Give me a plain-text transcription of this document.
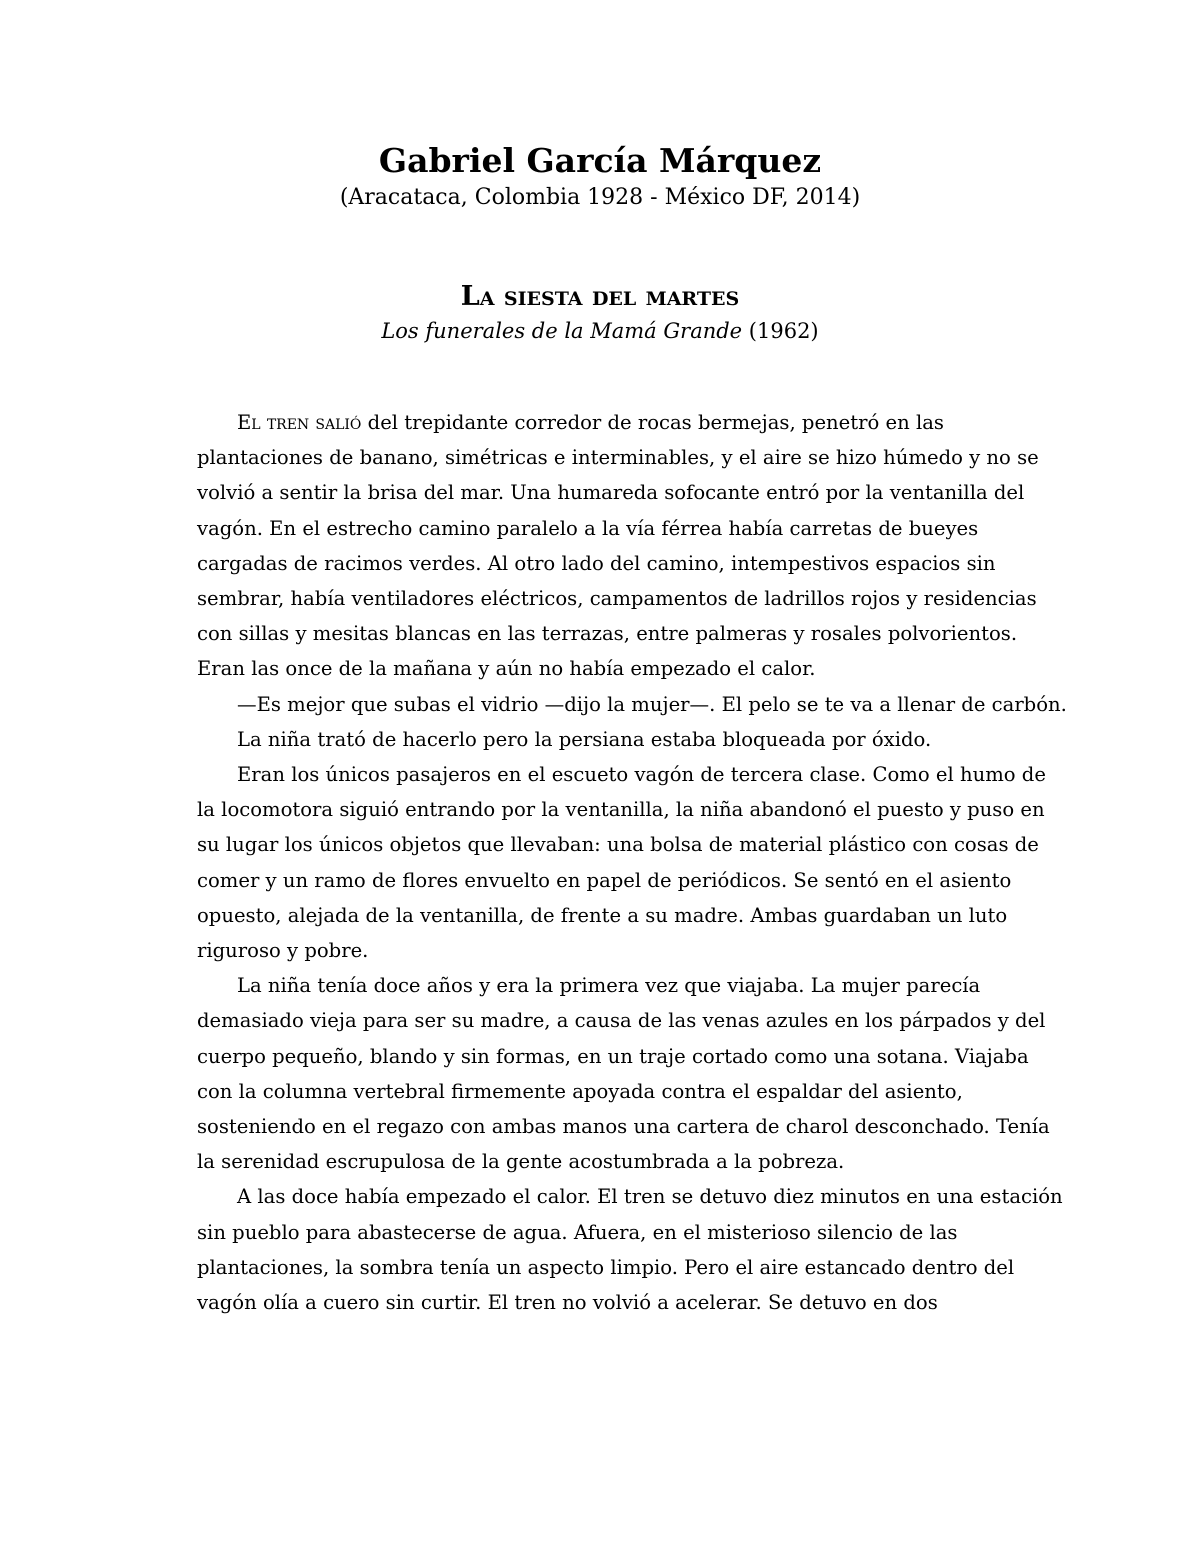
Gabriel García Márquez
(Aracataca, Colombia 1928 - México DF, 2014)
La siesta del martes
Los funerales de la Mamá Grande (1962)

El tren salió del trepidante corredor de rocas bermejas, penetró en las plantaciones de banano, simétricas e interminables, y el aire se hizo húmedo y no se volvió a sentir la brisa del mar. Una humareda sofocante entró por la ventanilla del vagón. En el estrecho camino paralelo a la vía férrea había carretas de bueyes cargadas de racimos verdes. Al otro lado del camino, intempestivos espacios sin sembrar, había ventiladores eléctricos, campamentos de ladrillos rojos y residencias con sillas y mesitas blancas en las terrazas, entre palmeras y rosales polvorientos. Eran las once de la mañana y aún no había empezado el calor.

—Es mejor que subas el vidrio —dijo la mujer—. El pelo se te va a llenar de carbón.

La niña trató de hacerlo pero la persiana estaba bloqueada por óxido.

Eran los únicos pasajeros en el escueto vagón de tercera clase. Como el humo de la locomotora siguió entrando por la ventanilla, la niña abandonó el puesto y puso en su lugar los únicos objetos que llevaban: una bolsa de material plástico con cosas de comer y un ramo de flores envuelto en papel de periódicos. Se sentó en el asiento opuesto, alejada de la ventanilla, de frente a su madre. Ambas guardaban un luto riguroso y pobre.

La niña tenía doce años y era la primera vez que viajaba. La mujer parecía demasiado vieja para ser su madre, a causa de las venas azules en los párpados y del cuerpo pequeño, blando y sin formas, en un traje cortado como una sotana. Viajaba con la columna vertebral firmemente apoyada contra el espaldar del asiento, sosteniendo en el regazo con ambas manos una cartera de charol desconchado. Tenía la serenidad escrupulosa de la gente acostumbrada a la pobreza.

A las doce había empezado el calor. El tren se detuvo diez minutos en una estación sin pueblo para abastecerse de agua. Afuera, en el misterioso silencio de las plantaciones, la sombra tenía un aspecto limpio. Pero el aire estancado dentro del vagón olía a cuero sin curtir. El tren no volvió a acelerar. Se detuvo en dos
